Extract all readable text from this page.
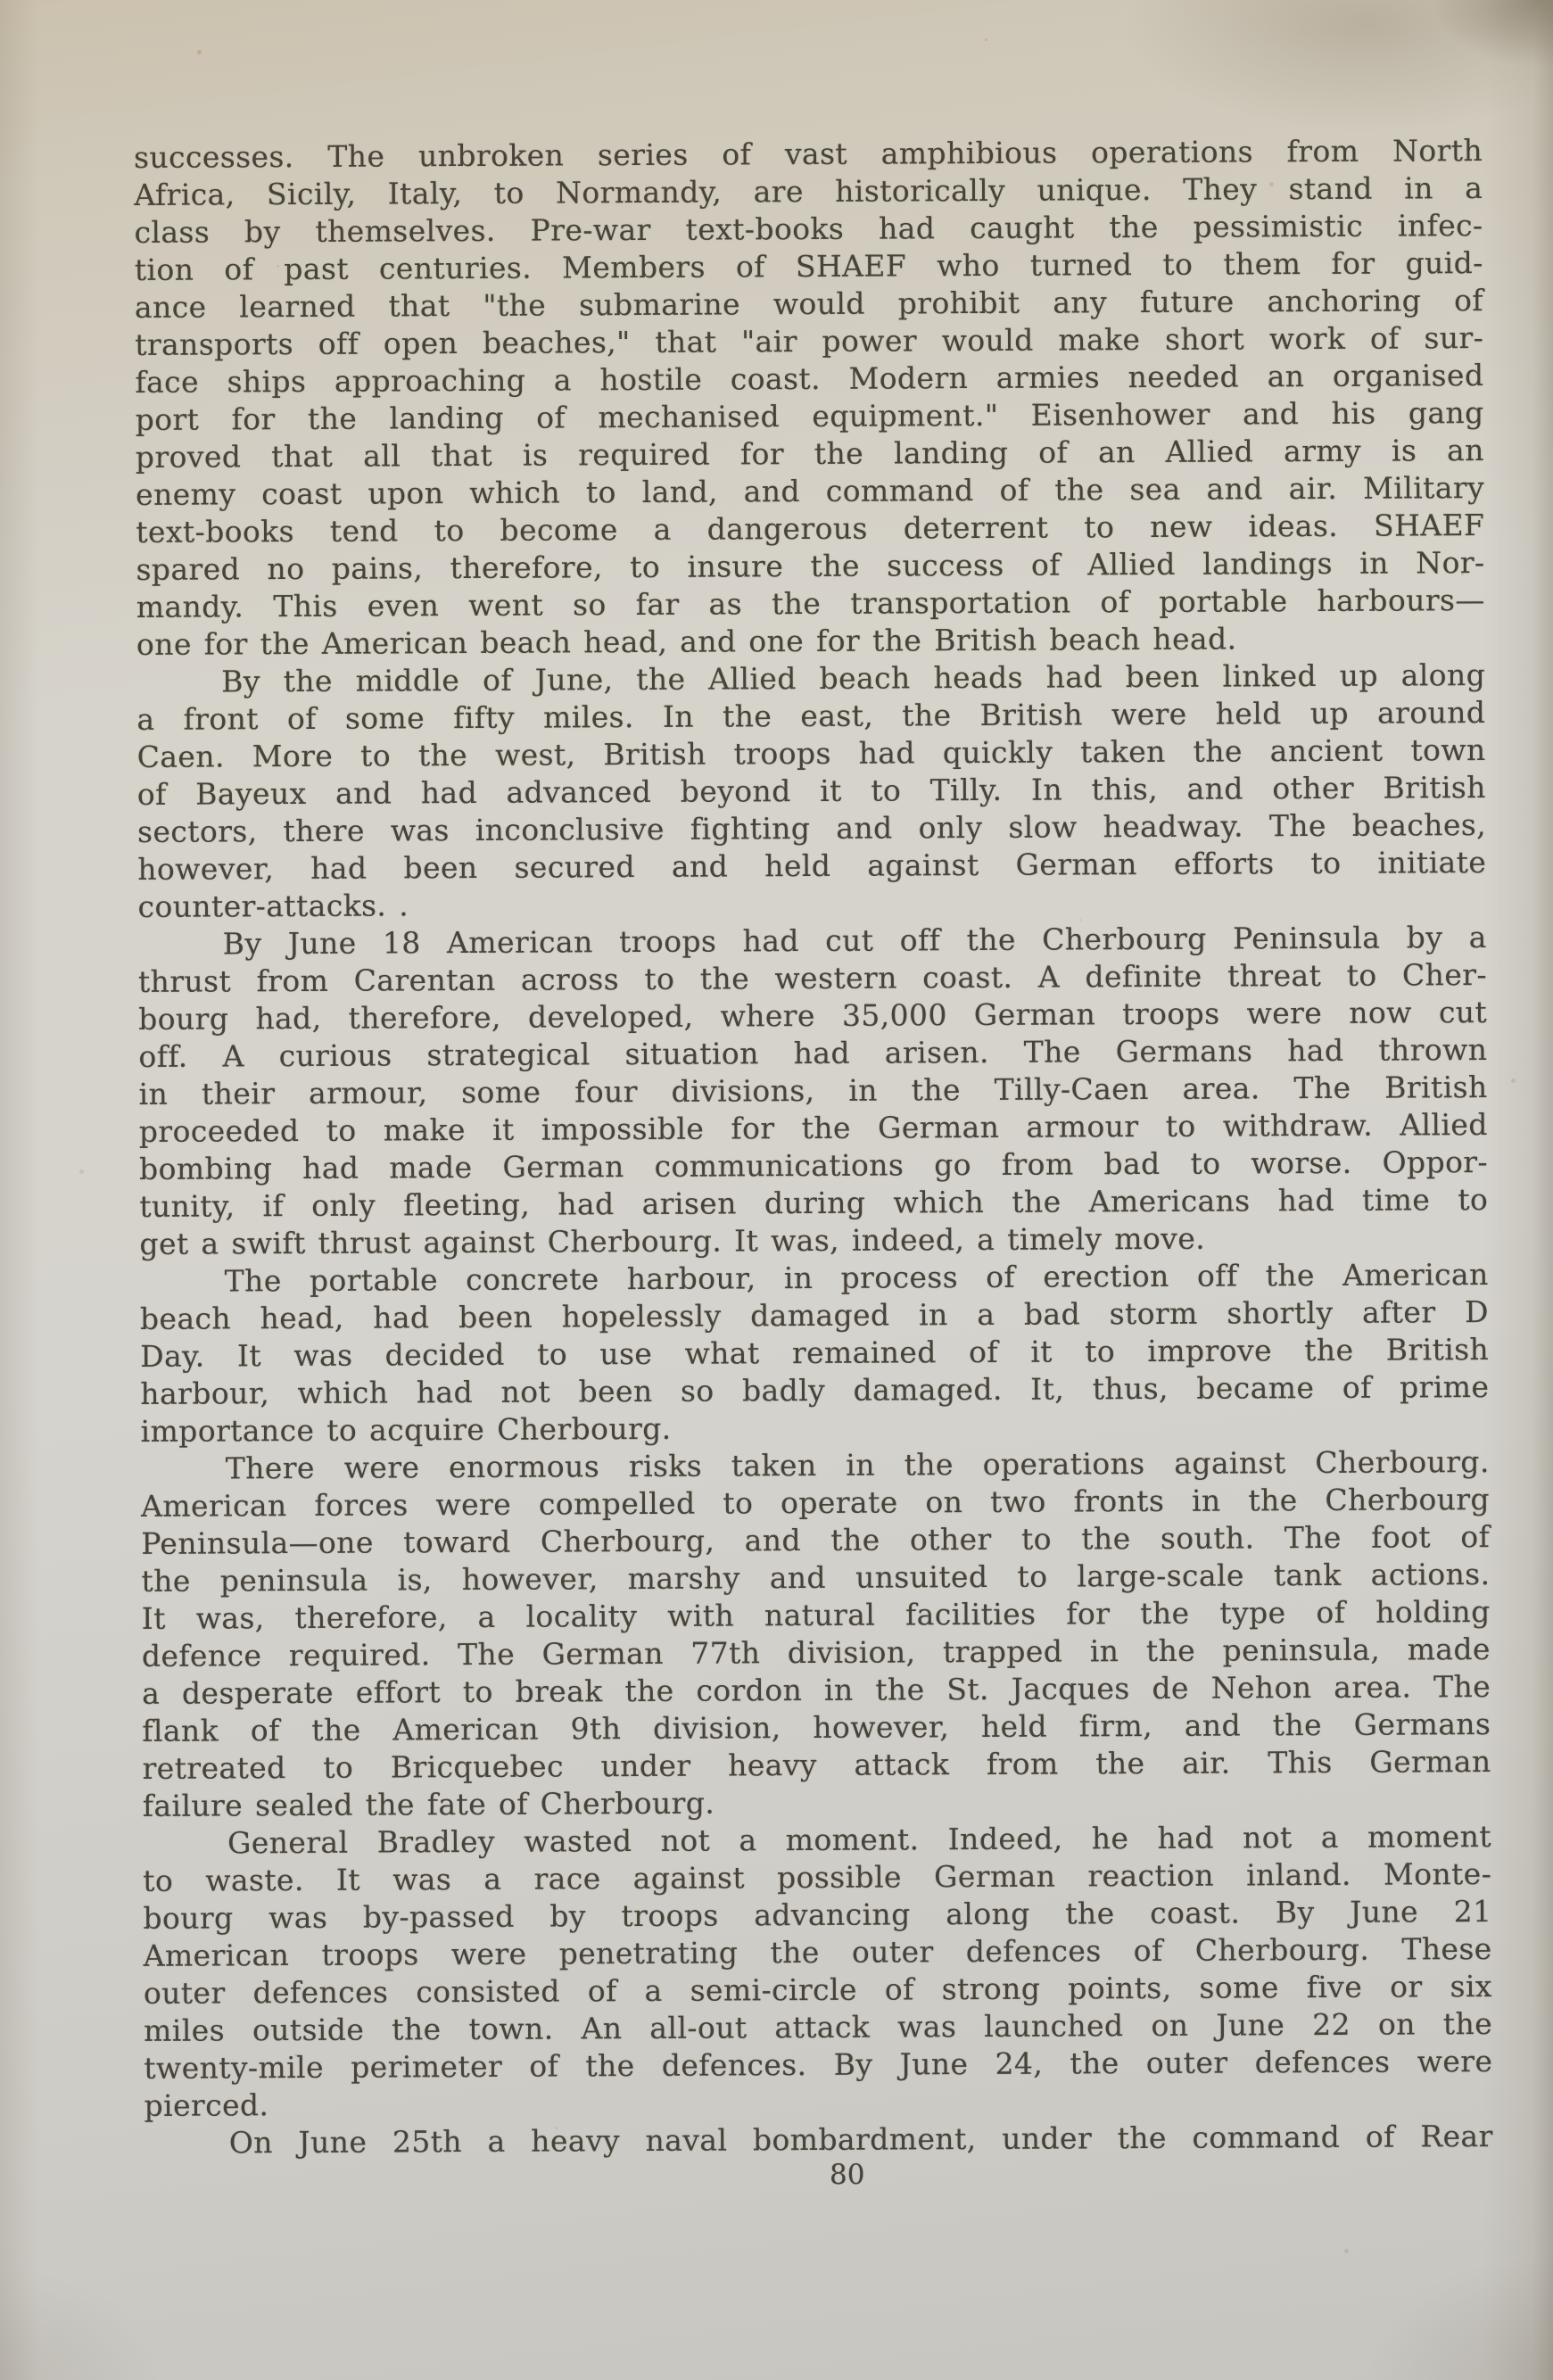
successes. The unbroken series of vast amphibious operations from North
Africa, Sicily, Italy, to Normandy, are historically unique. They stand in a
class by themselves. Pre-war text-books had caught the pessimistic infec-
tion of past centuries. Members of SHAEF who turned to them for guid-
ance learned that "the submarine would prohibit any future anchoring of
transports off open beaches," that "air power would make short work of sur-
face ships approaching a hostile coast. Modern armies needed an organised
port for the landing of mechanised equipment." Eisenhower and his gang
proved that all that is required for the landing of an Allied army is an
enemy coast upon which to land, and command of the sea and air. Military
text-books tend to become a dangerous deterrent to new ideas. SHAEF
spared no pains, therefore, to insure the success of Allied landings in Nor-
mandy. This even went so far as the transportation of portable harbours—
one for the American beach head, and one for the British beach head.

By the middle of June, the Allied beach heads had been linked up along
a front of some fifty miles. In the east, the British were held up around
Caen. More to the west, British troops had quickly taken the ancient town
of Bayeux and had advanced beyond it to Tilly. In this, and other British
sectors, there was inconclusive fighting and only slow headway. The beaches,
however, had been secured and held against German efforts to initiate
counter-attacks. .

By June 18 American troops had cut off the Cherbourg Peninsula by a
thrust from Carentan across to the western coast. A definite threat to Cher-
bourg had, therefore, developed, where 35,000 German troops were now cut
off. A curious strategical situation had arisen. The Germans had thrown
in their armour, some four divisions, in the Tilly-Caen area. The British
proceeded to make it impossible for the German armour to withdraw. Allied
bombing had made German communications go from bad to worse. Oppor-
tunity, if only fleeting, had arisen during which the Americans had time to
get a swift thrust against Cherbourg. It was, indeed, a timely move.

The portable concrete harbour, in process of erection off the American
beach head, had been hopelessly damaged in a bad storm shortly after D
Day. It was decided to use what remained of it to improve the British
harbour, which had not been so badly damaged. It, thus, became of prime
importance to acquire Cherbourg.

There were enormous risks taken in the operations against Cherbourg.
American forces were compelled to operate on two fronts in the Cherbourg
Peninsula—one toward Cherbourg, and the other to the south. The foot of
the peninsula is, however, marshy and unsuited to large-scale tank actions.
It was, therefore, a locality with natural facilities for the type of holding
defence required. The German 77th division, trapped in the peninsula, made
a desperate effort to break the cordon in the St. Jacques de Nehon area. The
flank of the American 9th division, however, held firm, and the Germans
retreated to Bricquebec under heavy attack from the air. This German
failure sealed the fate of Cherbourg.

General Bradley wasted not a moment. Indeed, he had not a moment
to waste. It was a race against possible German reaction inland. Monte-
bourg was by-passed by troops advancing along the coast. By June 21
American troops were penetrating the outer defences of Cherbourg. These
outer defences consisted of a semi-circle of strong points, some five or six
miles outside the town. An all-out attack was launched on June 22 on the
twenty-mile perimeter of the defences. By June 24, the outer defences were
pierced.

On June 25th a heavy naval bombardment, under the command of Rear

80
